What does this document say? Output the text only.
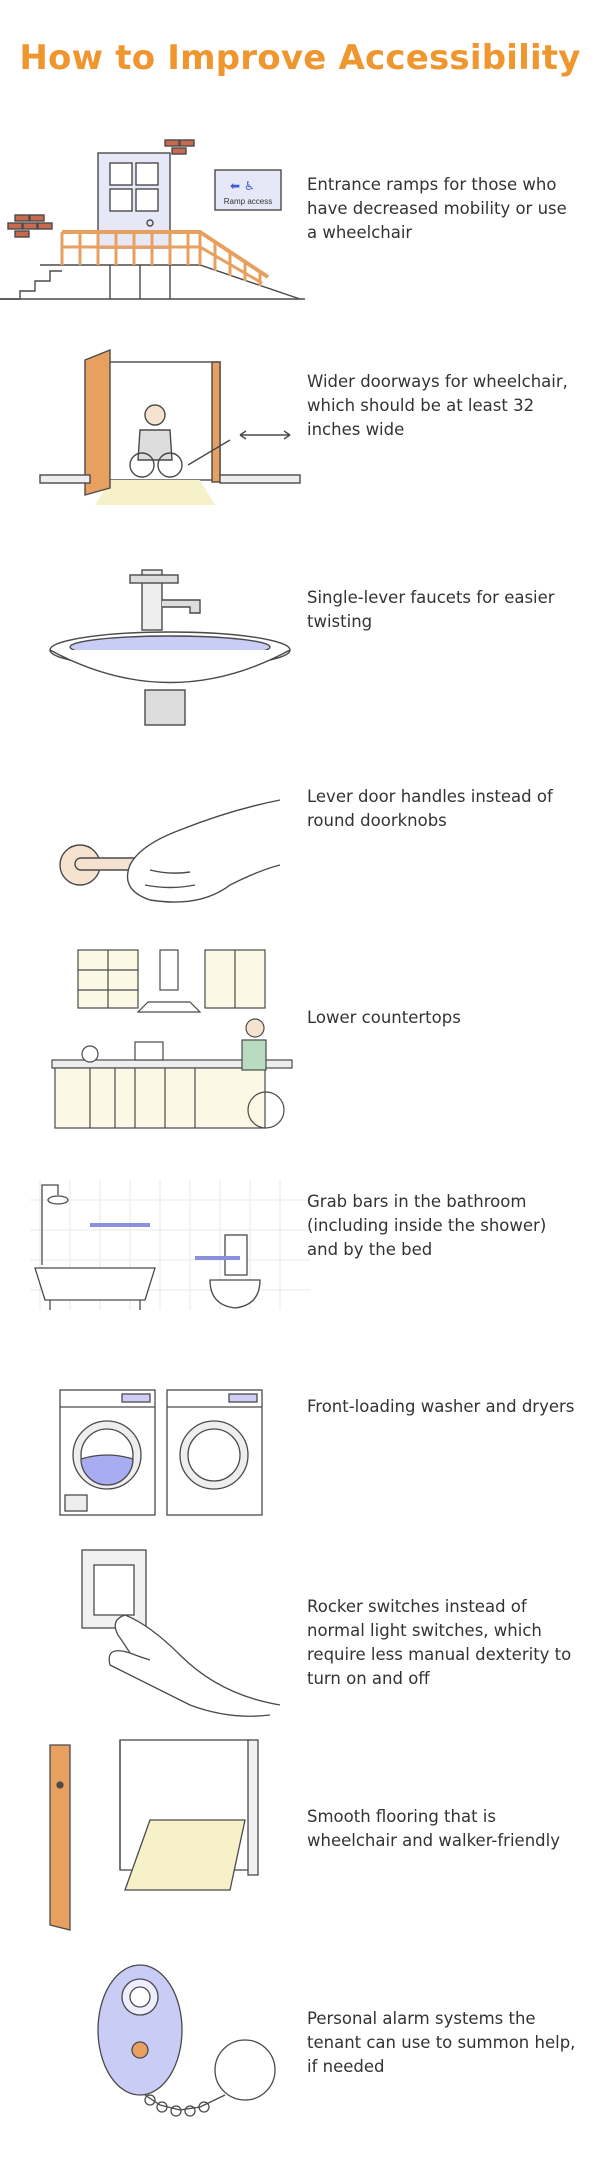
How to Improve Accessibility
Ramp access
⬅ ♿	Entrance ramps for those who have decreased mobility or use a wheelchair
Wider doorways for wheelchair, which should be at least 32 inches wide
Single-lever faucets for easier twisting
Lever door handles instead of round doorknobs
Lower countertops
Grab bars in the bathroom (including inside the shower) and by the bed
Front-loading washer and dryers
Rocker switches instead of normal light switches, which require less manual dexterity to turn on and off
Smooth flooring that is wheelchair and walker-friendly
Personal alarm systems the tenant can use to summon help, if needed
